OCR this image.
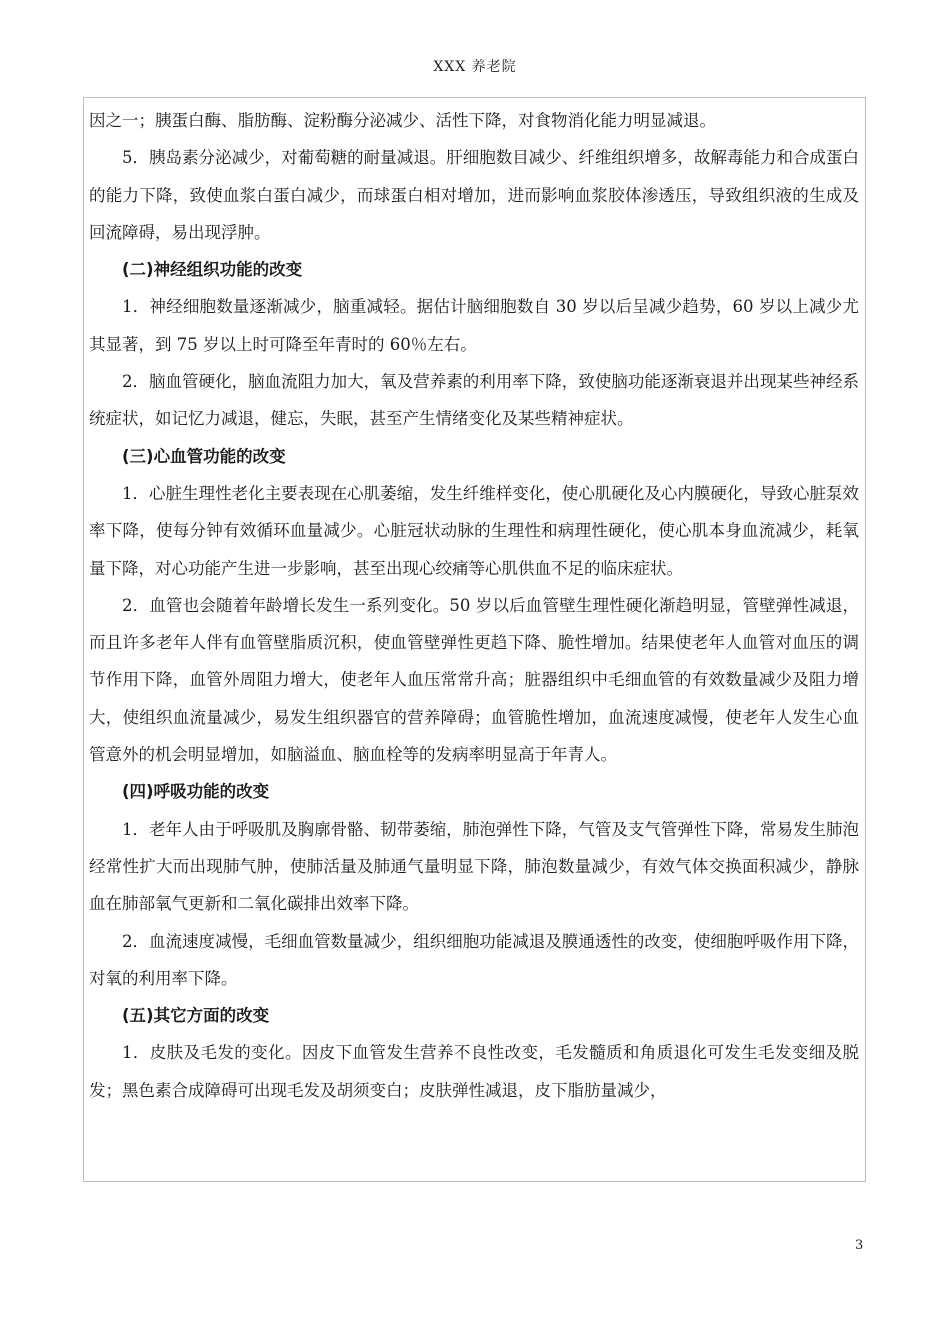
XXX 养老院

因之一；胰蛋白酶、脂肪酶、淀粉酶分泌减少、活性下降，对食物消化能力明显减退。

5．胰岛素分泌减少，对葡萄糖的耐量减退。肝细胞数目减少、纤维组织增多，故解毒能力和合成蛋白的能力下降，致使血浆白蛋白减少，而球蛋白相对增加，进而影响血浆胶体渗透压，导致组织液的生成及回流障碍，易出现浮肿。

(二)神经组织功能的改变

1．神经细胞数量逐渐减少，脑重减轻。据估计脑细胞数自 30 岁以后呈减少趋势，60 岁以上减少尤其显著，到 75 岁以上时可降至年青时的 60％左右。

2．脑血管硬化，脑血流阻力加大，氧及营养素的利用率下降，致使脑功能逐渐衰退并出现某些神经系统症状，如记忆力减退，健忘，失眠，甚至产生情绪变化及某些精神症状。

(三)心血管功能的改变

1．心脏生理性老化主要表现在心肌萎缩，发生纤维样变化，使心肌硬化及心内膜硬化，导致心脏泵效率下降，使每分钟有效循环血量减少。心脏冠状动脉的生理性和病理性硬化，使心肌本身血流减少，耗氧量下降，对心功能产生进一步影响，甚至出现心绞痛等心肌供血不足的临床症状。

2．血管也会随着年龄增长发生一系列变化。50 岁以后血管壁生理性硬化渐趋明显，管壁弹性减退，而且许多老年人伴有血管壁脂质沉积，使血管壁弹性更趋下降、脆性增加。结果使老年人血管对血压的调节作用下降，血管外周阻力增大，使老年人血压常常升高；脏器组织中毛细血管的有效数量减少及阻力增大，使组织血流量减少，易发生组织器官的营养障碍；血管脆性增加，血流速度减慢，使老年人发生心血管意外的机会明显增加，如脑溢血、脑血栓等的发病率明显高于年青人。

(四)呼吸功能的改变

1．老年人由于呼吸肌及胸廓骨骼、韧带萎缩，肺泡弹性下降，气管及支气管弹性下降，常易发生肺泡经常性扩大而出现肺气肿，使肺活量及肺通气量明显下降，肺泡数量减少，有效气体交换面积减少，静脉血在肺部氧气更新和二氧化碳排出效率下降。

2．血流速度减慢，毛细血管数量减少，组织细胞功能减退及膜通透性的改变，使细胞呼吸作用下降，对氧的利用率下降。

(五)其它方面的改变

1．皮肤及毛发的变化。因皮下血管发生营养不良性改变，毛发髓质和角质退化可发生毛发变细及脱发；黑色素合成障碍可出现毛发及胡须变白；皮肤弹性减退，皮下脂肪量减少，

3
